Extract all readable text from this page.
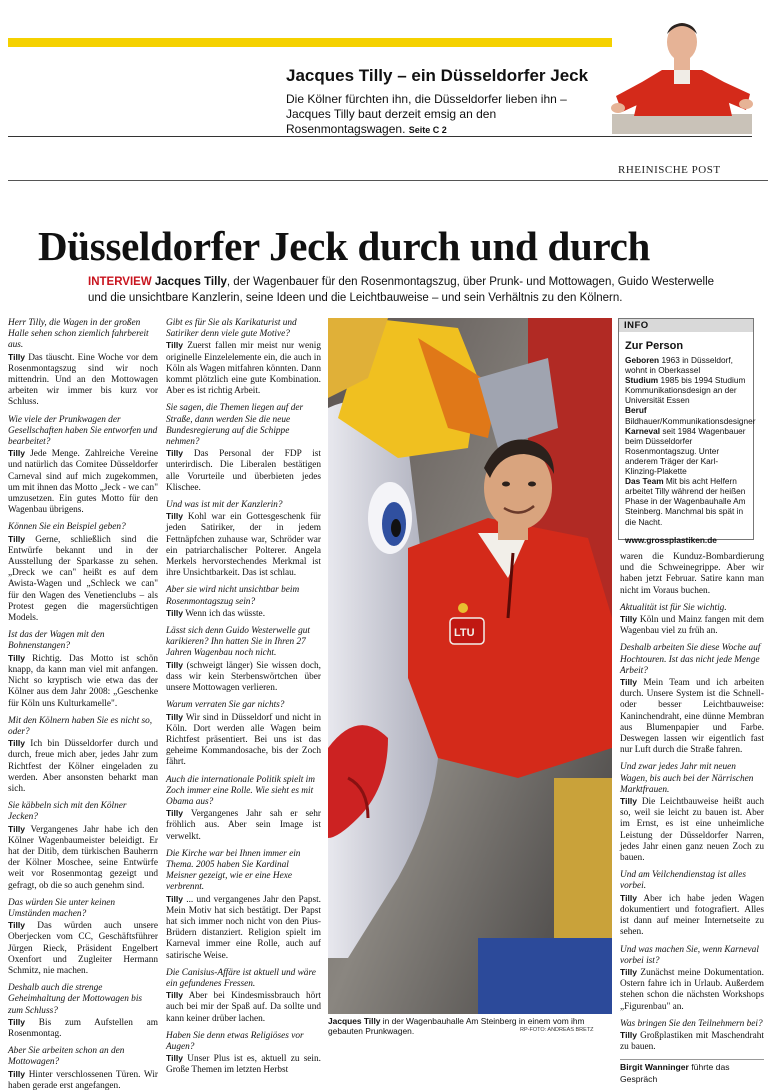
Jacques Tilly – ein Düsseldorfer Jeck
Die Kölner fürchten ihn, die Düsseldorfer lieben ihn – Jacques Tilly baut derzeit emsig an den Rosenmontagswagen. Seite C 2
RHEINISCHE POST
Düsseldorfer Jeck durch und durch
INTERVIEW Jacques Tilly, der Wagenbauer für den Rosenmontagszug, über Prunk- und Mottowagen, Guido Westerwelle und die unsichtbare Kanzlerin, seine Ideen und die Leichtbauweise – und sein Verhältnis zu den Kölnern.
Herr Tilly, die Wagen in der großen Halle sehen schon ziemlich fahrbereit aus.
Tilly Das täuscht. Eine Woche vor dem Rosenmontagszug sind wir noch mittendrin. Und an den Mottowagen arbeiten wir immer bis kurz vor Schluss.
Wie viele der Prunkwagen der Gesellschaften haben Sie entworfen und bearbeitet?
Tilly Jede Menge. Zahlreiche Vereine und natürlich das Comitee Düsseldorfer Carneval sind auf mich zugekommen, um mit ihnen das Motto „Jeck - we can" umzusetzen. Ein gutes Motto für den Wagenbau übrigens.
Können Sie ein Beispiel geben?
Tilly Gerne, schließlich sind die Entwürfe bekannt und in der Ausstellung der Sparkasse zu sehen. „Dreck we can" heißt es auf dem Awista-Wagen und „Schleck we can" für den Wagen des Venetienclubs – als Protest gegen die magersüchtigen Models.
Ist das der Wagen mit den Bohnenstangen?
Tilly Richtig. Das Motto ist schön knapp, da kann man viel mit anfangen. Nicht so kryptisch wie etwa das der Kölner aus dem Jahr 2008: „Geschenke für Köln uns Kulturkamelle".
Mit den Kölnern haben Sie es nicht so, oder?
Tilly Ich bin Düsseldorfer durch und durch, freue mich aber, jedes Jahr zum Richtfest der Kölner eingeladen zu werden. Aber ansonsten beharkt man sich.
Sie käbbeln sich mit den Kölner Jecken?
Tilly Vergangenes Jahr habe ich den Kölner Wagenbaumeister beleidigt. Er hat der Ditib, dem türkischen Bauherrn der Kölner Moschee, seine Entwürfe weit vor Rosenmontag gezeigt und gefragt, ob die so auch genehm sind.
Das würden Sie unter keinen Umständen machen?
Tilly Das würden auch unsere Oberjecken vom CC, Geschäftsführer Jürgen Rieck, Präsident Engelbert Oxenfort und Zugleiter Hermann Schmitz, nie machen.
Deshalb auch die strenge Geheimhaltung der Mottowagen bis zum Schluss?
Tilly Bis zum Aufstellen am Rosenmontag.
Aber Sie arbeiten schon an den Mottowagen?
Tilly Hinter verschlossenen Türen. Wir haben gerade erst angefangen.
Gibt es für Sie als Karikaturist und Satiriker denn viele gute Motive?
Tilly Zuerst fallen mir meist nur wenig originelle Einzelelemente ein, die auch in Köln als Wagen mitfahren könnten. Dann kommt plötzlich eine gute Kombination. Aber es ist richtig Arbeit.
Sie sagen, die Themen liegen auf der Straße, dann werden Sie die neue Bundesregierung auf die Schippe nehmen?
Tilly Das Personal der FDP ist unterirdisch. Die Liberalen bestätigen alle Vorurteile und überbieten jedes Klischee.
Und was ist mit der Kanzlerin?
Tilly Kohl war ein Gottesgeschenk für jeden Satiriker, der in jedem Fettnäpfchen zuhause war, Schröder war ein patriarchalischer Polterer. Angela Merkels hervorstechendes Merkmal ist ihre Unsichtbarkeit. Das ist schlau.
Aber sie wird nicht unsichtbar beim Rosenmontagszug sein?
Tilly Wenn ich das wüsste.
Lässt sich denn Guido Westerwelle gut karikieren? Ihn hatten Sie in Ihren 27 Jahren Wagenbau noch nicht.
Tilly (schweigt länger) Sie wissen doch, dass wir kein Sterbenswörtchen über unsere Mottowagen verlieren.
Warum verraten Sie gar nichts?
Tilly Wir sind in Düsseldorf und nicht in Köln. Dort werden alle Wagen beim Richtfest präsentiert. Bei uns ist das geheime Kommandosache, bis der Zoch fährt.
Auch die internationale Politik spielt im Zoch immer eine Rolle. Wie sieht es mit Obama aus?
Tilly Vergangenes Jahr sah er sehr fröhlich aus. Aber sein Image ist verwelkt.
Die Kirche war bei Ihnen immer ein Thema. 2005 haben Sie Kardinal Meisner gezeigt, wie er eine Hexe verbrennt.
Tilly ... und vergangenes Jahr den Papst. Mein Motiv hat sich bestätigt. Der Papst hat sich immer noch nicht von den Pius-Brüdern distanziert. Religion spielt im Karneval immer eine Rolle, auch auf satirische Weise.
Die Canisius-Affäre ist aktuell und wäre ein gefundenes Fressen.
Tilly Aber bei Kindesmissbrauch hört auch bei mir der Spaß auf. Da sollte und kann keiner drüber lachen.
Haben Sie denn etwas Religiöses vor Augen?
Tilly Unser Plus ist es, aktuell zu sein. Große Themen im letzten Herbst
LTU
Jacques Tilly in der Wagenbauhalle Am Steinberg in einem vom ihm gebauten Prunkwagen.	RP-FOTO: ANDREAS BRETZ
INFO
Zur Person
Geboren 1963 in Düsseldorf, wohnt in Oberkassel
Studium 1985 bis 1994 Studium Kommunikationsdesign an der Universität Essen
Beruf Bildhauer/Kommunikationsdesigner
Karneval seit 1984 Wagenbauer beim Düsseldorfer Rosenmontagszug. Unter anderem Träger der Karl-Klinzing-Plakette
Das Team Mit bis acht Helfern arbeitet Tilly während der heißen Phase in der Wagenbauhalle Am Steinberg. Manchmal bis spät in die Nacht.
www.grossplastiken.de
waren die Kunduz-Bombardierung und die Schweinegrippe. Aber wir haben jetzt Februar. Satire kann man nicht im Voraus buchen.
Aktualität ist für Sie wichtig.
Tilly Köln und Mainz fangen mit dem Wagenbau viel zu früh an.
Deshalb arbeiten Sie diese Woche auf Hochtouren. Ist das nicht jede Menge Arbeit?
Tilly Mein Team und ich arbeiten durch. Unsere System ist die Schnell- oder besser Leichtbauweise: Kaninchendraht, eine dünne Membran aus Blumenpapier und Farbe. Deswegen lassen wir eigentlich fast nur Luft durch die Straße fahren.
Und zwar jedes Jahr mit neuen Wagen, bis auch bei der Närrischen Marktfrauen.
Tilly Die Leichtbauweise heißt auch so, weil sie leicht zu bauen ist. Aber im Ernst, es ist eine unheimliche Leistung der Düsseldorfer Narren, jedes Jahr einen ganz neuen Zoch zu bauen.
Und am Veilchendienstag ist alles vorbei.
Tilly Aber ich habe jeden Wagen dokumentiert und fotografiert. Alles ist dann auf meiner Internetseite zu sehen.
Und was machen Sie, wenn Karneval vorbei ist?
Tilly Zunächst meine Dokumentation. Ostern fahre ich in Urlaub. Außerdem stehen schon die nächsten Workshops „Figurenbau" an.
Was bringen Sie den Teilnehmern bei?
Tilly Großplastiken mit Maschendraht zu bauen.
Birgit Wanninger führte das Gespräch
